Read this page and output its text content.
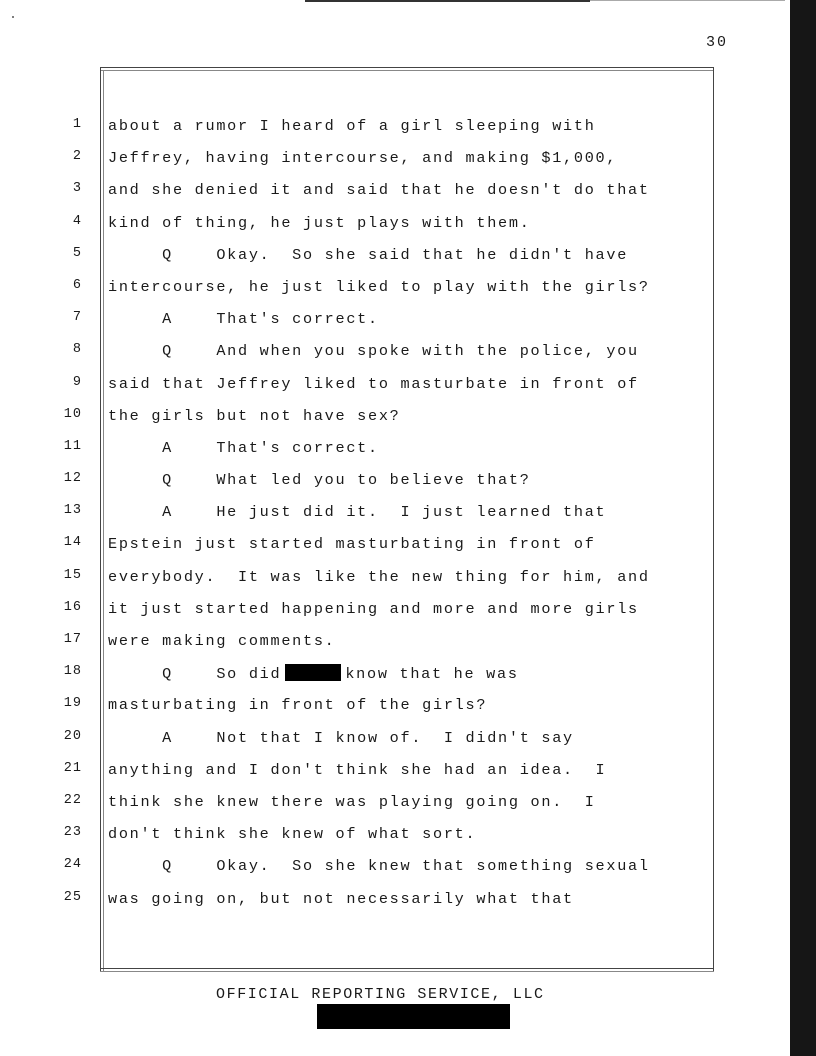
30
1 about a rumor I heard of a girl sleeping with
2 Jeffrey, having intercourse, and making $1,000,
3 and she denied it and said that he doesn't do that
4 kind of thing, he just plays with them.
5 Q    Okay.  So she said that he didn't have
6 intercourse, he just liked to play with the girls?
7 A    That's correct.
8 Q    And when you spoke with the police, you
9 said that Jeffrey liked to masturbate in front of
10 the girls but not have sex?
11 A    That's correct.
12 Q    What led you to believe that?
13 A    He just did it.  I just learned that
14 Epstein just started masturbating in front of
15 everybody.  It was like the new thing for him, and
16 it just started happening and more and more girls
17 were making comments.
18 Q    So did	know that he was
19 masturbating in front of the girls?
20 A    Not that I know of.  I didn't say
21 anything and I don't think she had an idea.  I
22 think she knew there was playing going on.  I
23 don't think she knew of what sort.
24 Q    Okay.  So she knew that something sexual
25 was going on, but not necessarily what that
OFFICIAL REPORTING SERVICE, LLC
